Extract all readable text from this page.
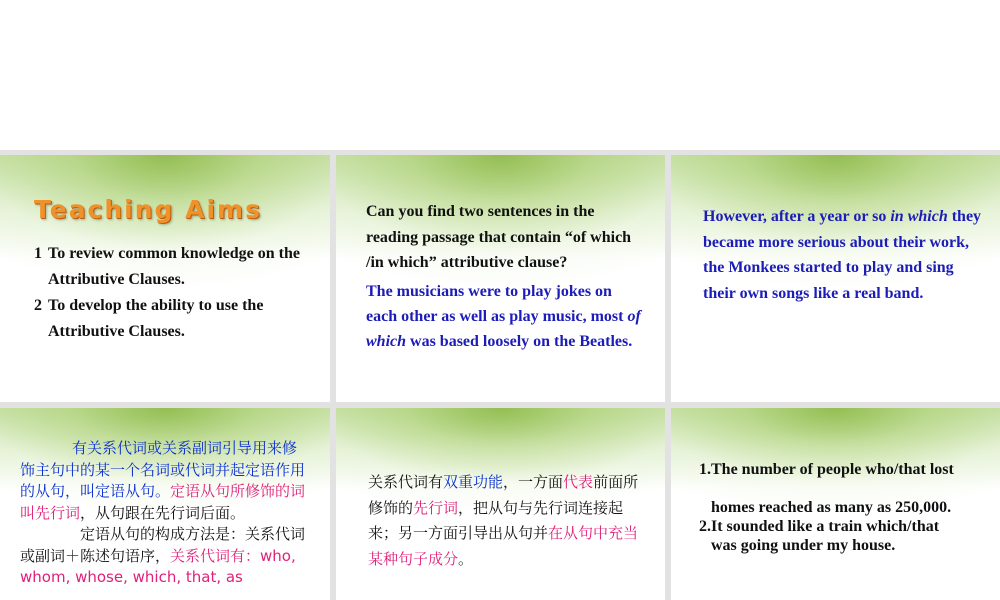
Teaching Aims
1 To review common knowledge on the Attributive Clauses.
2 To develop the ability to use the Attributive Clauses.
Can you find two sentences in the reading passage that contain “of which /in which” attributive clause?
The musicians were to play jokes on each other as well as play music, most of which was based loosely on the Beatles.
However, after a year or so in which they became more serious about their work, the Monkees started to play and sing their own songs like a real band.
有关系代词或关系副词引导用来修饰主句中的某一个名词或代词并起定语作用的从句，叫定语从句。定语从句所修饰的词叫先行词，从句跟在先行词后面。
定语从句的构成方法是：关系代词或副词＋陈述句语序，关系代词有：who, whom, whose, which, that, as
关系代词有双重功能，一方面代表前面所修饰的先行词，把从句与先行词连接起来；另一方面引导出从句并在从句中充当某种句子成分。
1.The number of people who/that lost
homes reached as many as 250,000.
2.It sounded like a train which/that
was going under my house.
